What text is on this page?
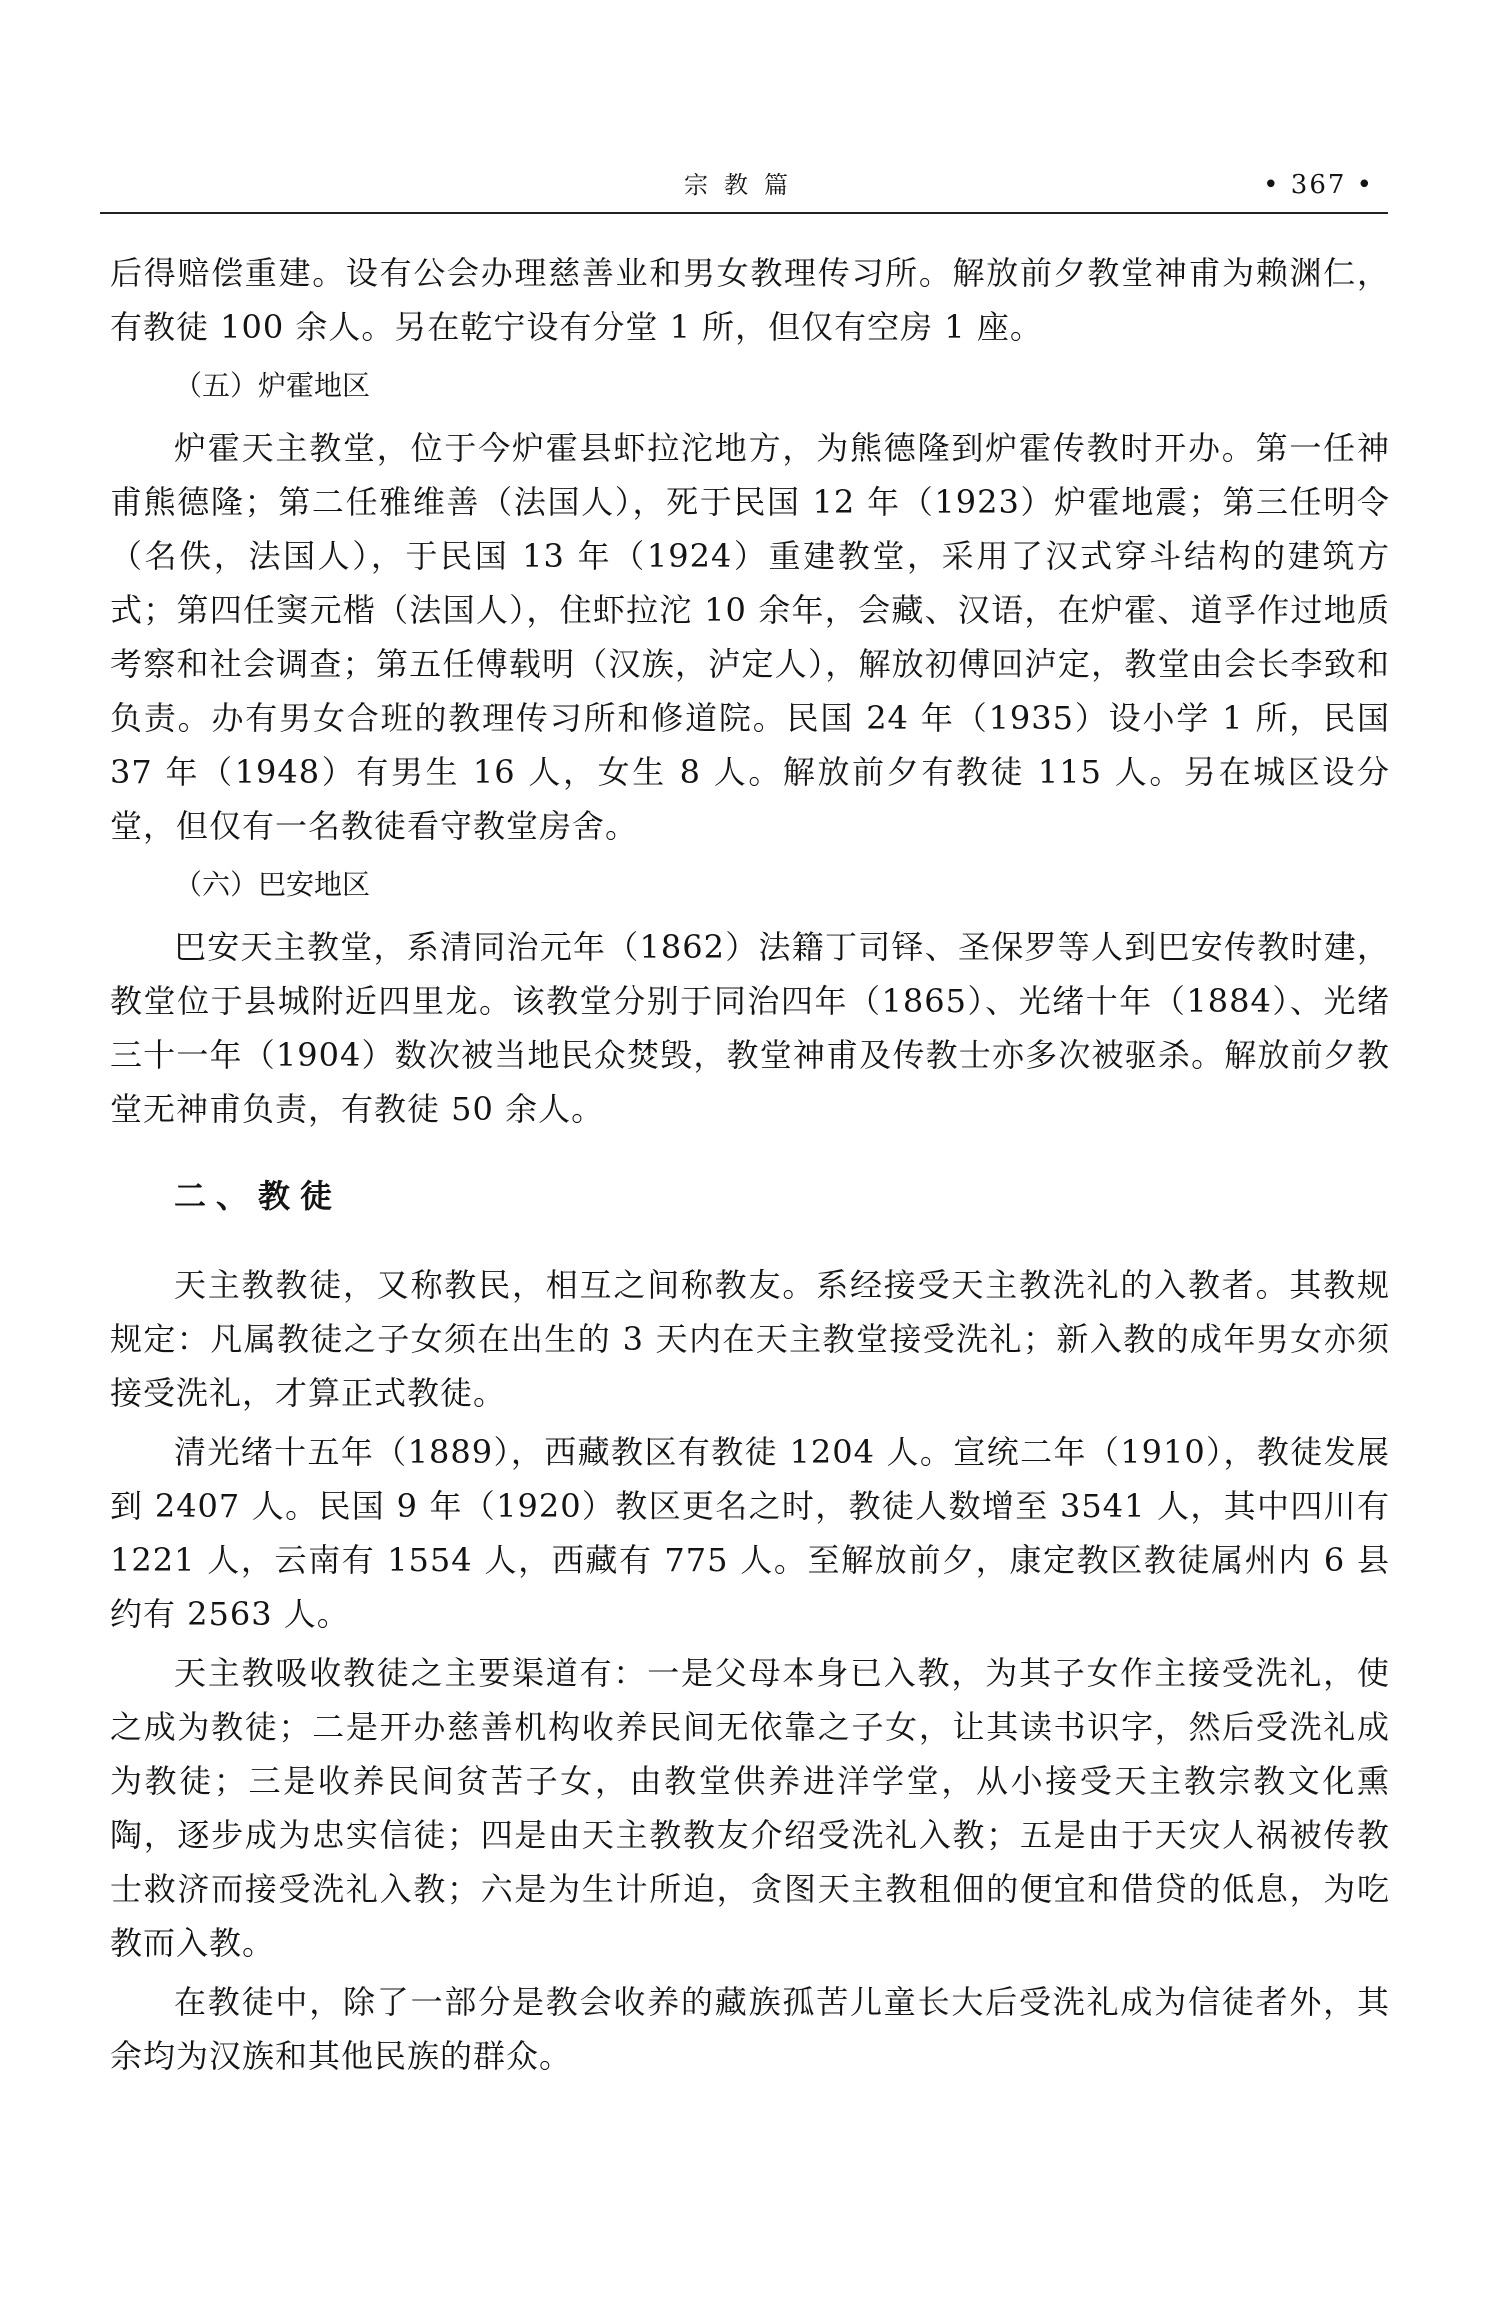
宗教篇	• 367 •

后得赔偿重建。设有公会办理慈善业和男女教理传习所。解放前夕教堂神甫为赖渊仁，有教徒 100 余人。另在乾宁设有分堂 1 所，但仅有空房 1 座。

（五）炉霍地区

炉霍天主教堂，位于今炉霍县虾拉沱地方，为熊德隆到炉霍传教时开办。第一任神甫熊德隆；第二任雅维善（法国人），死于民国 12 年（1923）炉霍地震；第三任明令（名佚，法国人），于民国 13 年（1924）重建教堂，采用了汉式穿斗结构的建筑方式；第四任窦元楷（法国人），住虾拉沱 10 余年，会藏、汉语，在炉霍、道孚作过地质考察和社会调查；第五任傅载明（汉族，泸定人），解放初傅回泸定，教堂由会长李致和负责。办有男女合班的教理传习所和修道院。民国 24 年（1935）设小学 1 所，民国 37 年（1948）有男生 16 人，女生 8 人。解放前夕有教徒 115 人。另在城区设分堂，但仅有一名教徒看守教堂房舍。

（六）巴安地区

巴安天主教堂，系清同治元年（1862）法籍丁司铎、圣保罗等人到巴安传教时建，教堂位于县城附近四里龙。该教堂分别于同治四年（1865）、光绪十年（1884）、光绪三十一年（1904）数次被当地民众焚毁，教堂神甫及传教士亦多次被驱杀。解放前夕教堂无神甫负责，有教徒 50 余人。

二、教徒

天主教教徒，又称教民，相互之间称教友。系经接受天主教洗礼的入教者。其教规规定：凡属教徒之子女须在出生的 3 天内在天主教堂接受洗礼；新入教的成年男女亦须接受洗礼，才算正式教徒。

清光绪十五年（1889），西藏教区有教徒 1204 人。宣统二年（1910），教徒发展到 2407 人。民国 9 年（1920）教区更名之时，教徒人数增至 3541 人，其中四川有 1221 人，云南有 1554 人，西藏有 775 人。至解放前夕，康定教区教徒属州内 6 县约有 2563 人。

天主教吸收教徒之主要渠道有：一是父母本身已入教，为其子女作主接受洗礼，使之成为教徒；二是开办慈善机构收养民间无依靠之子女，让其读书识字，然后受洗礼成为教徒；三是收养民间贫苦子女，由教堂供养进洋学堂，从小接受天主教宗教文化熏陶，逐步成为忠实信徒；四是由天主教教友介绍受洗礼入教；五是由于天灾人祸被传教士救济而接受洗礼入教；六是为生计所迫，贪图天主教租佃的便宜和借贷的低息，为吃教而入教。

在教徒中，除了一部分是教会收养的藏族孤苦儿童长大后受洗礼成为信徒者外，其余均为汉族和其他民族的群众。
